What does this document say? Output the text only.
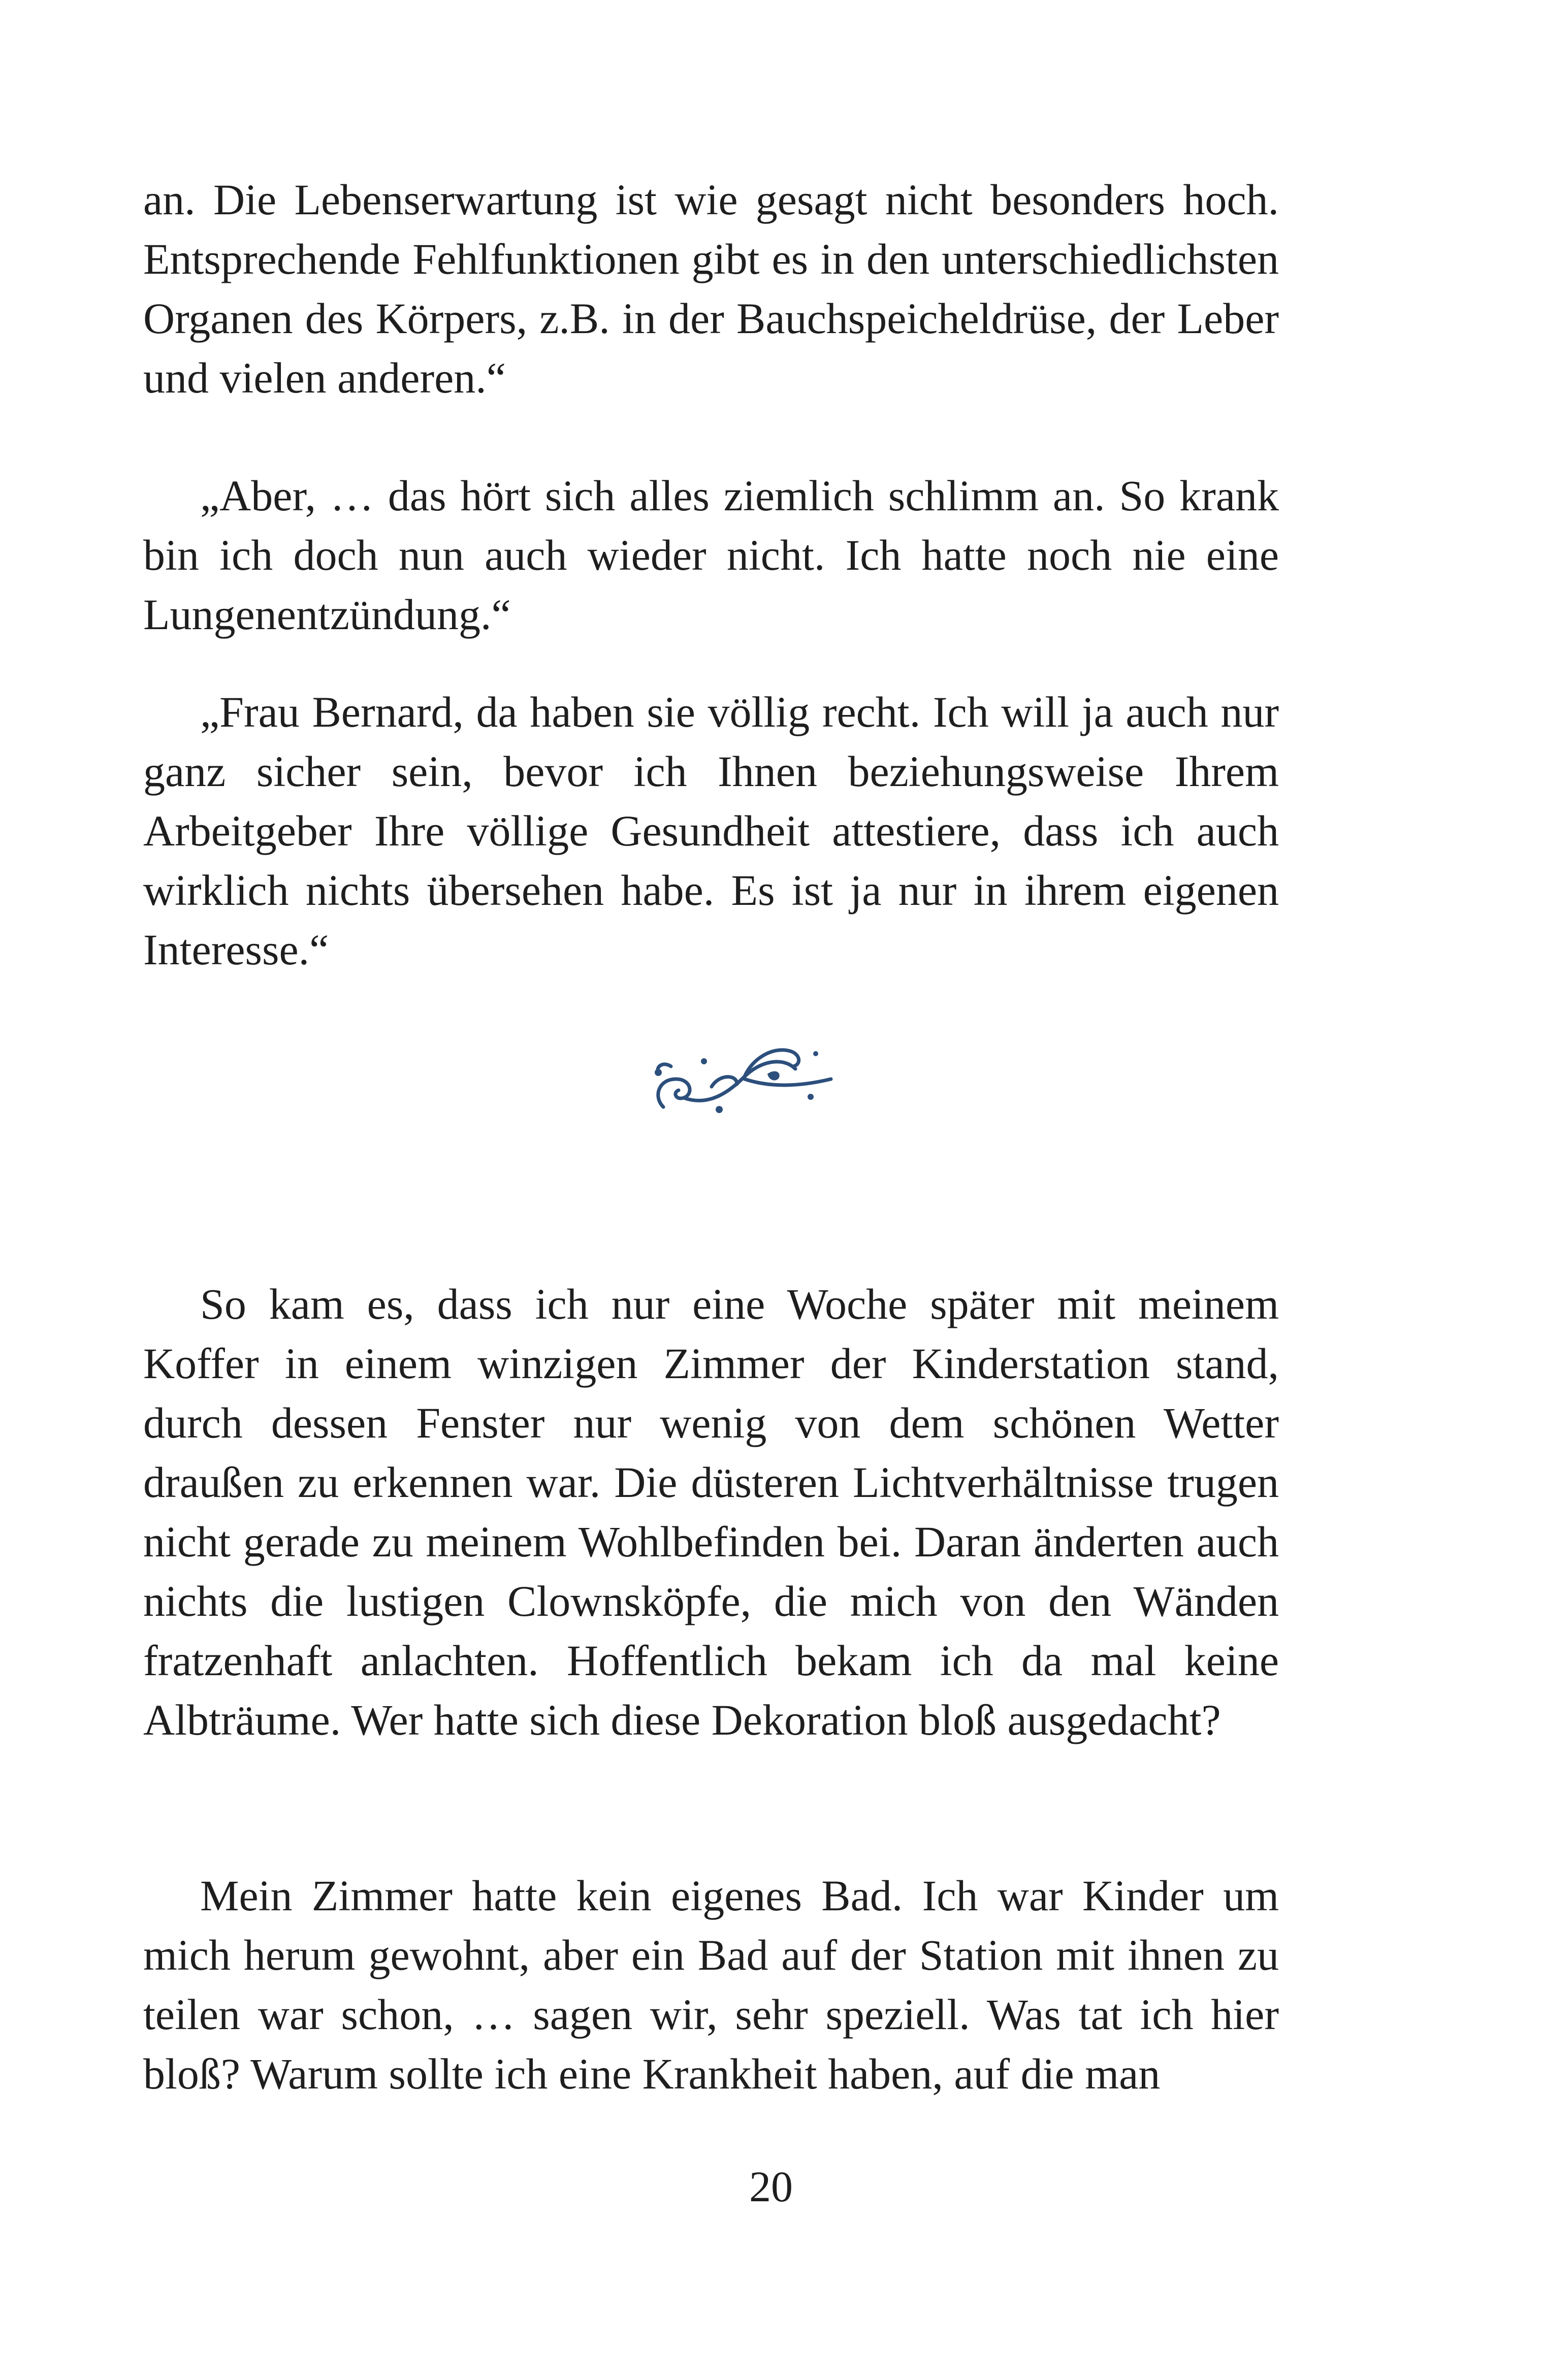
an. Die Lebenserwartung ist wie gesagt nicht besonders hoch. Entsprechende Fehlfunktionen gibt es in den unterschiedlichsten Organen des Körpers, z.B. in der Bauchspeicheldrüse, der Leber und vielen anderen.“

„Aber, … das hört sich alles ziemlich schlimm an. So krank bin ich doch nun auch wieder nicht. Ich hatte noch nie eine Lungenentzündung.“

„Frau Bernard, da haben sie völlig recht. Ich will ja auch nur ganz sicher sein, bevor ich Ihnen beziehungsweise Ihrem Arbeitgeber Ihre völlige Gesundheit attestiere, dass ich auch wirklich nichts übersehen habe. Es ist ja nur in ihrem eigenen Interesse.“

So kam es, dass ich nur eine Woche später mit meinem Koffer in einem winzigen Zimmer der Kinderstation stand, durch dessen Fenster nur wenig von dem schönen Wetter draußen zu erkennen war. Die düsteren Lichtverhältnisse trugen nicht gerade zu meinem Wohlbefinden bei. Daran änderten auch nichts die lustigen Clownsköpfe, die mich von den Wänden fratzenhaft anlachten. Hoffentlich bekam ich da mal keine Albträume. Wer hatte sich diese Dekoration bloß ausgedacht?

Mein Zimmer hatte kein eigenes Bad. Ich war Kinder um mich herum gewohnt, aber ein Bad auf der Station mit ihnen zu teilen war schon, … sagen wir, sehr speziell. Was tat ich hier bloß? Warum sollte ich eine Krankheit haben, auf die man

20
